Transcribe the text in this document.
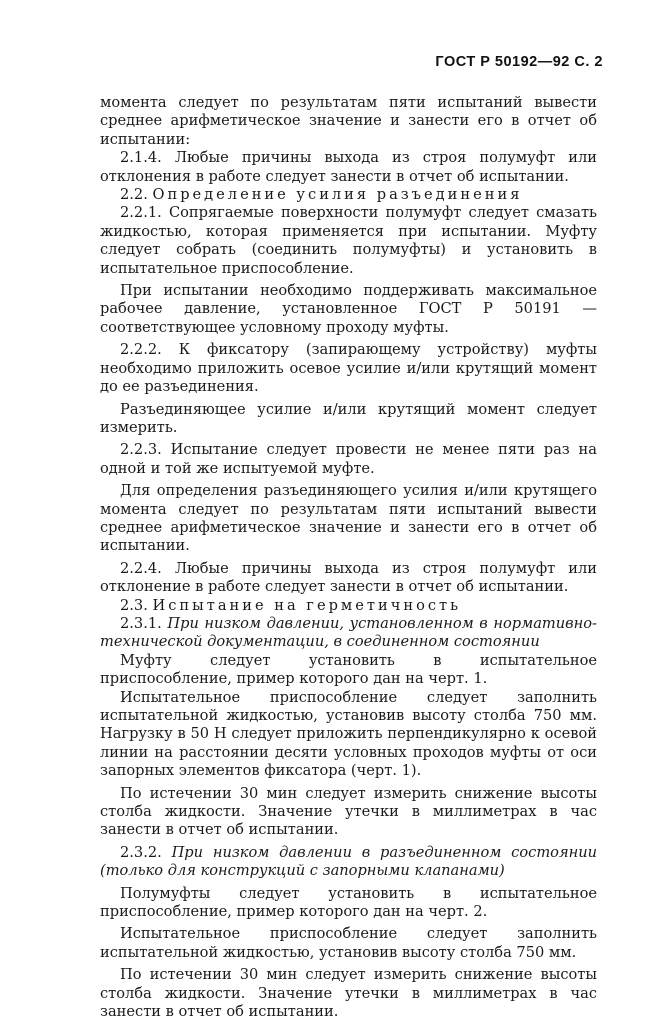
ГОСТ Р 50192—92 С. 2

момента следует по результатам пяти испытаний вывести среднее арифметическое значение и занести его в отчет об испытании:

2.1.4. Любые причины выхода из строя полумуфт или отклонения в работе следует занести в отчет об испытании.

2.2. Определение усилия разъединения

2.2.1. Сопрягаемые поверхности полумуфт следует смазать жидкостью, которая применяется при испытании. Муфту следует собрать (соединить полумуфты) и установить в испытательное приспособление.

При испытании необходимо поддерживать максимальное рабочее давление, установленное ГОСТ Р 50191 — соответствующее условному проходу муфты.

2.2.2. К фиксатору (запирающему устройству) муфты необходимо приложить осевое усилие и/или крутящий момент до ее разъединения.

Разъединяющее усилие и/или крутящий момент следует измерить.

2.2.3. Испытание следует провести не менее пяти раз на одной и той же испытуемой муфте.

Для определения разъединяющего усилия и/или крутящего момента следует по результатам пяти испытаний вывести среднее арифметическое значение и занести его в отчет об испытании.

2.2.4. Любые причины выхода из строя полумуфт или отклонение в работе следует занести в отчет об испытании.

2.3. Испытание на герметичность

2.3.1. При низком давлении, установленном в нормативно-технической документации, в соединенном состоянии

Муфту следует установить в испытательное приспособление, пример которого дан на черт. 1.

Испытательное приспособление следует заполнить испытательной жидкостью, установив высоту столба 750 мм. Нагрузку в 50 Н следует приложить перпендикулярно к осевой линии на расстоянии десяти условных проходов муфты от оси запорных элементов фиксатора (черт. 1).

По истечении 30 мин следует измерить снижение высоты столба жидкости. Значение утечки в миллиметрах в час занести в отчет об испытании.

2.3.2. При низком давлении в разъединенном состоянии (только для конструкций с запорными клапанами)

Полумуфты следует установить в испытательное приспособление, пример которого дан на черт. 2.

Испытательное приспособление следует заполнить испытательной жидкостью, установив высоту столба 750 мм.

По истечении 30 мин следует измерить снижение высоты столба жидкости. Значение утечки в миллиметрах в час занести в отчет об испытании.
